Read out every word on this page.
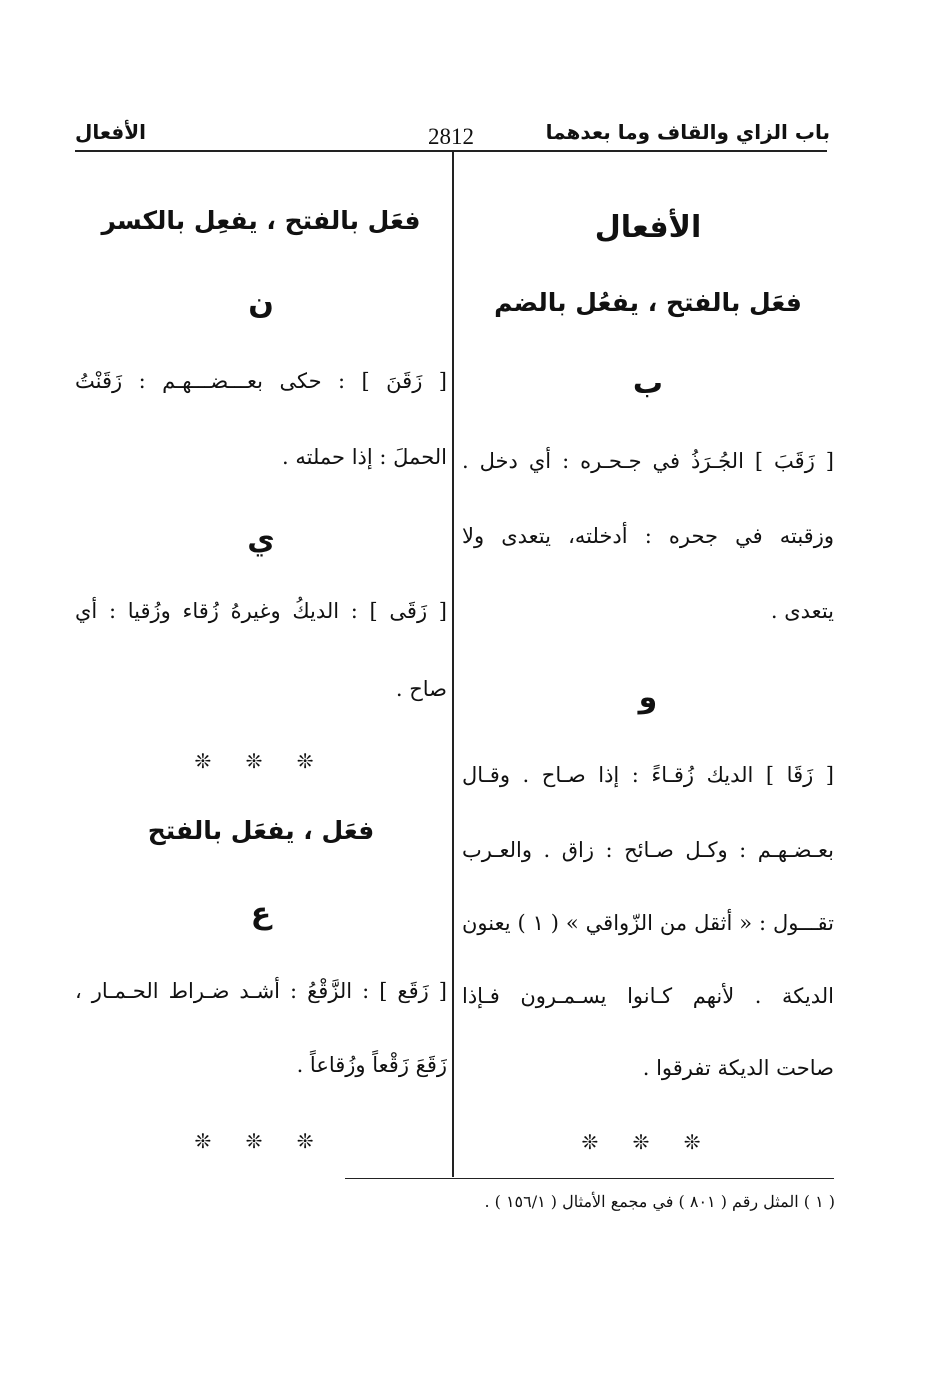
باب الزاي والقاف وما بعدهما
2812
الأفعال
الأفعال
فعَل بالفتح ، يفعُل بالضم
ب
[ زَقَبَ ] الجُـرَذُ في جـحـره : أي دخل .
وزقبته في جحره : أدخلته، يتعدى ولا
يتعدى .
و
[ زَقَا ] الديك زُقـاءً : إذا صـاح . وقـال
بعـضـهـم : وكـل صـائح : زاق . والعـرب
تقـــول : « أثقل من الزّواقي » ( ١ ) يعنون
الديكة . لأنهم كـانوا يسـمـرون فـإذا
صاحت الديكة تفرقوا .
❊ ❊ ❊
فعَل بالفتح ، يفعِل بالكسر
ن
[ زَقَنَ ] : حكى بعـــضـــهـم : زَقَنْتُ
الحملَ : إذا حملته .
ي
[ زَقَى ] : الديكُ وغيرهُ زُقاء وزُقيا : أي
صاح .
❊ ❊ ❊
فعَل ، يفعَل بالفتح
ع
[ زَقَع ] : الزَّقْعُ : أشـد ضـراط الحـمـار ،
زَقَعَ زَقْعاً وزُقاعاً .
❊ ❊ ❊
( ١ ) المثل رقم ( ٨٠١ ) في مجمع الأمثال ( ١٥٦/١ ) .
